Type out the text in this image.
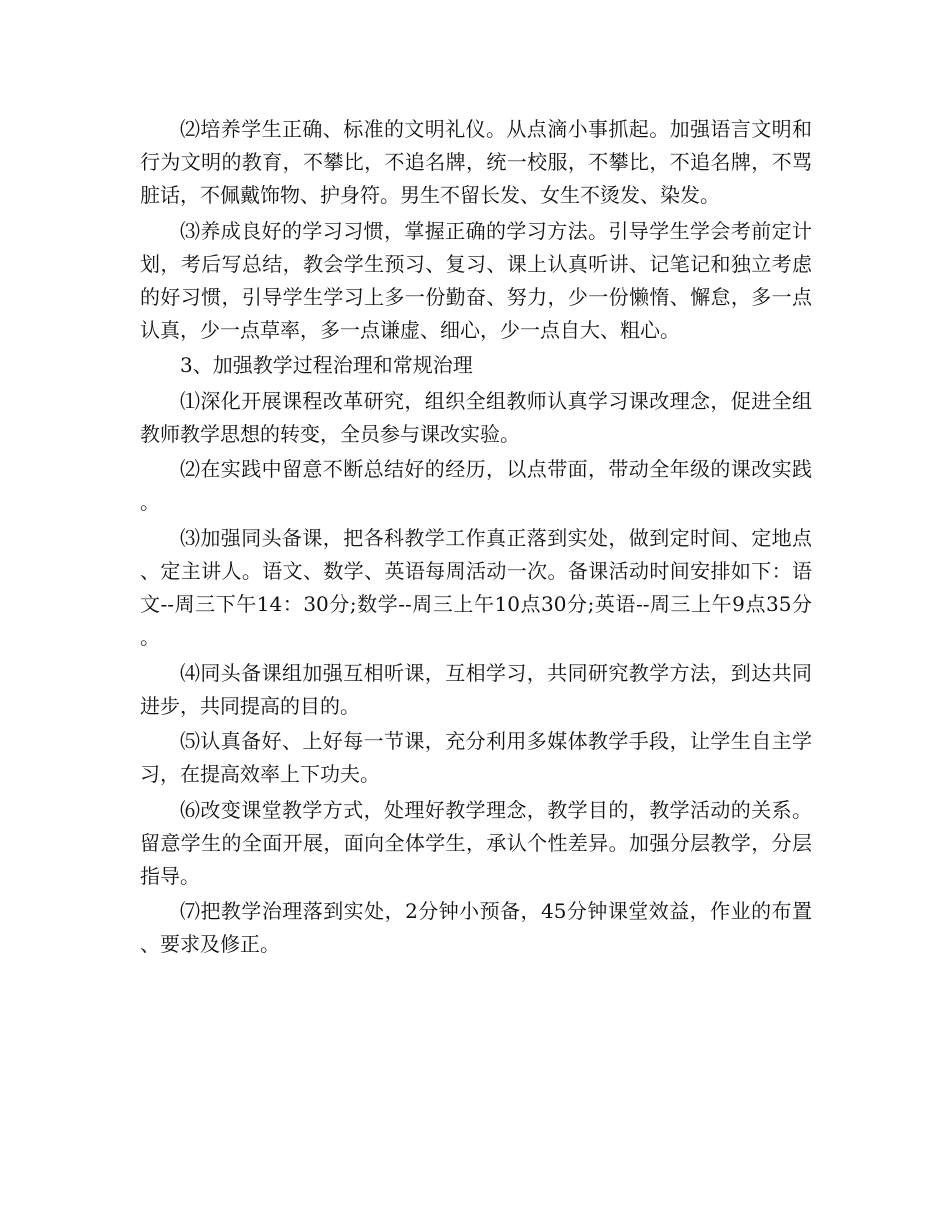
⑵培养学生正确、标准的文明礼仪。从点滴小事抓起。加强语言文明和行为文明的教育，不攀比，不追名牌，统一校服，不攀比，不追名牌，不骂脏话，不佩戴饰物、护身符。男生不留长发、女生不烫发、染发。

⑶养成良好的学习习惯，掌握正确的学习方法。引导学生学会考前定计划，考后写总结，教会学生预习、复习、课上认真听讲、记笔记和独立考虑的好习惯，引导学生学习上多一份勤奋、努力，少一份懒惰、懈怠，多一点认真，少一点草率，多一点谦虚、细心，少一点自大、粗心。

3、加强教学过程治理和常规治理

⑴深化开展课程改革研究，组织全组教师认真学习课改理念，促进全组教师教学思想的转变，全员参与课改实验。

⑵在实践中留意不断总结好的经历，以点带面，带动全年级的课改实践。

⑶加强同头备课，把各科教学工作真正落到实处，做到定时间、定地点、定主讲人。语文、数学、英语每周活动一次。备课活动时间安排如下：语文--周三下午14：30分;数学--周三上午10点30分;英语--周三上午9点35分。

⑷同头备课组加强互相听课，互相学习，共同研究教学方法，到达共同进步，共同提高的目的。

⑸认真备好、上好每一节课，充分利用多媒体教学手段，让学生自主学习，在提高效率上下功夫。

⑹改变课堂教学方式，处理好教学理念，教学目的，教学活动的关系。留意学生的全面开展，面向全体学生，承认个性差异。加强分层教学，分层指导。

⑺把教学治理落到实处，2分钟小预备，45分钟课堂效益，作业的布置、要求及修正。
